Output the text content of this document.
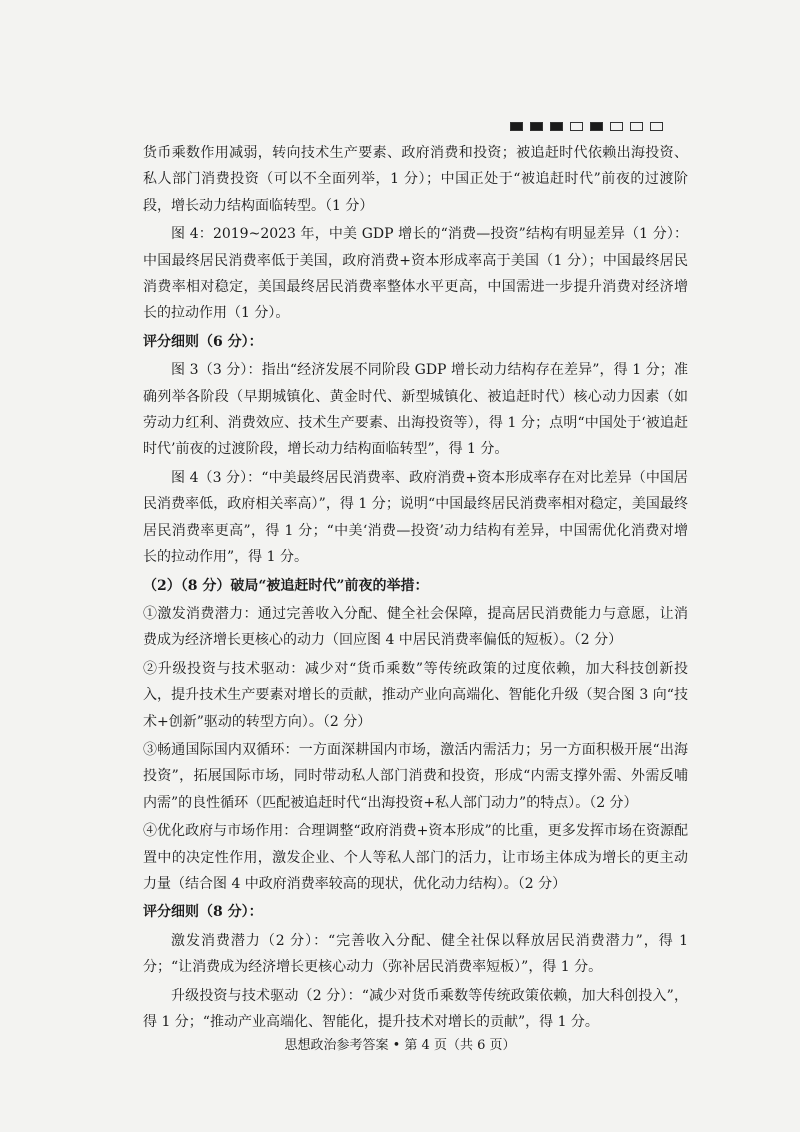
货币乘数作用减弱，转向技术生产要素、政府消费和投资；被追赶时代依赖出海投资、私人部门消费投资（可以不全面列举，1 分）；中国正处于“被追赶时代”前夜的过渡阶段，增长动力结构面临转型。（1 分）

图 4：2019~2023 年，中美 GDP 增长的“消费—投资”结构有明显差异（1 分）：中国最终居民消费率低于美国，政府消费+资本形成率高于美国（1 分）；中国最终居民消费率相对稳定，美国最终居民消费率整体水平更高，中国需进一步提升消费对经济增长的拉动作用（1 分）。

评分细则（6 分）：

图 3（3 分）：指出“经济发展不同阶段 GDP 增长动力结构存在差异”，得 1 分；准确列举各阶段（早期城镇化、黄金时代、新型城镇化、被追赶时代）核心动力因素（如劳动力红利、消费效应、技术生产要素、出海投资等），得 1 分；点明“中国处于‘被追赶时代’前夜的过渡阶段，增长动力结构面临转型”，得 1 分。

图 4（3 分）：“中美最终居民消费率、政府消费+资本形成率存在对比差异（中国居民消费率低，政府相关率高）”，得 1 分；说明“中国最终居民消费率相对稳定，美国最终居民消费率更高”，得 1 分；“中美‘消费—投资’动力结构有差异，中国需优化消费对增长的拉动作用”，得 1 分。

（2）（8 分）破局“被追赶时代”前夜的举措：

①激发消费潜力：通过完善收入分配、健全社会保障，提高居民消费能力与意愿，让消费成为经济增长更核心的动力（回应图 4 中居民消费率偏低的短板）。（2 分）

②升级投资与技术驱动：减少对“货币乘数”等传统政策的过度依赖，加大科技创新投入，提升技术生产要素对增长的贡献，推动产业向高端化、智能化升级（契合图 3 向“技术+创新”驱动的转型方向）。（2 分）

③畅通国际国内双循环：一方面深耕国内市场，激活内需活力；另一方面积极开展“出海投资”，拓展国际市场，同时带动私人部门消费和投资，形成“内需支撑外需、外需反哺内需”的良性循环（匹配被追赶时代“出海投资+私人部门动力”的特点）。（2 分）

④优化政府与市场作用：合理调整“政府消费+资本形成”的比重，更多发挥市场在资源配置中的决定性作用，激发企业、个人等私人部门的活力，让市场主体成为增长的更主动力量（结合图 4 中政府消费率较高的现状，优化动力结构）。（2 分）

评分细则（8 分）：

激发消费潜力（2 分）：“完善收入分配、健全社保以释放居民消费潜力”，得 1 分；“让消费成为经济增长更核心动力（弥补居民消费率短板）”，得 1 分。

升级投资与技术驱动（2 分）：“减少对货币乘数等传统政策依赖，加大科创投入”，得 1 分；“推动产业高端化、智能化，提升技术对增长的贡献”，得 1 分。

思想政治参考答案 • 第 4 页（共 6 页）
